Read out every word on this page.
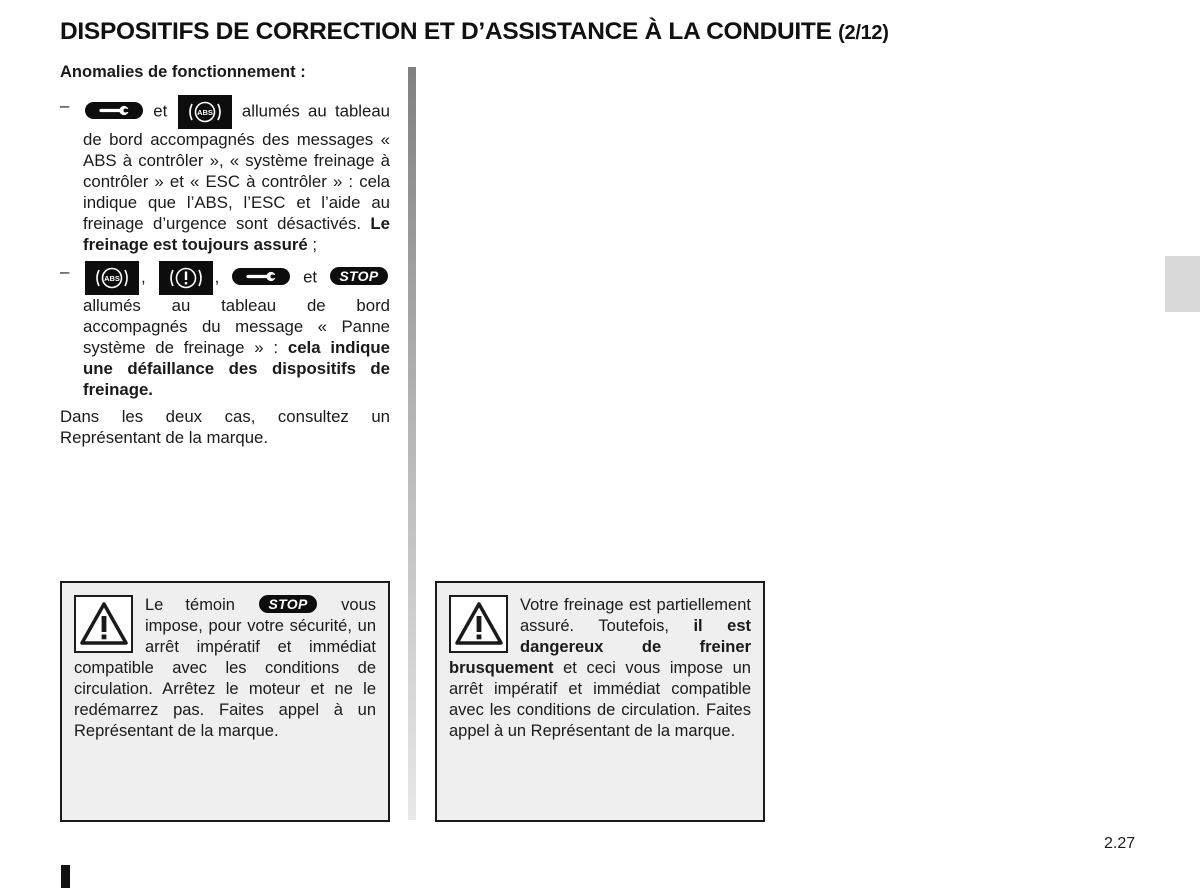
DISPOSITIFS DE CORRECTION ET D’ASSISTANCE À LA CONDUITE (2/12)

Anomalies de fonctionnement :

–	et	ABS allumés au tableau de bord accompagnés des messages « ABS à contrôler », « système freinage à contrôler » et « ESC à contrôler » : cela indique que l’ABS, l’ESC et l’aide au freinage d’urgence sont désactivés. Le freinage est toujours assuré ;
–	ABS ,	,	et STOP allumés au tableau de bord accompagnés du message « Panne système de freinage » : cela indique une défaillance des dispositifs de freinage.

Dans les deux cas, consultez un Représentant de la marque.

Le témoin STOP vous impose, pour votre sécurité, un arrêt impératif et immédiat compatible avec les conditions de circulation. Arrêtez le moteur et ne le redémarrez pas. Faites appel à un Représentant de la marque.
Votre freinage est partiellement assuré. Toutefois, il est dangereux de freiner brusquement et ceci vous impose un arrêt impératif et immédiat compatible avec les conditions de circulation. Faites appel à un Représentant de la marque.
2.27
